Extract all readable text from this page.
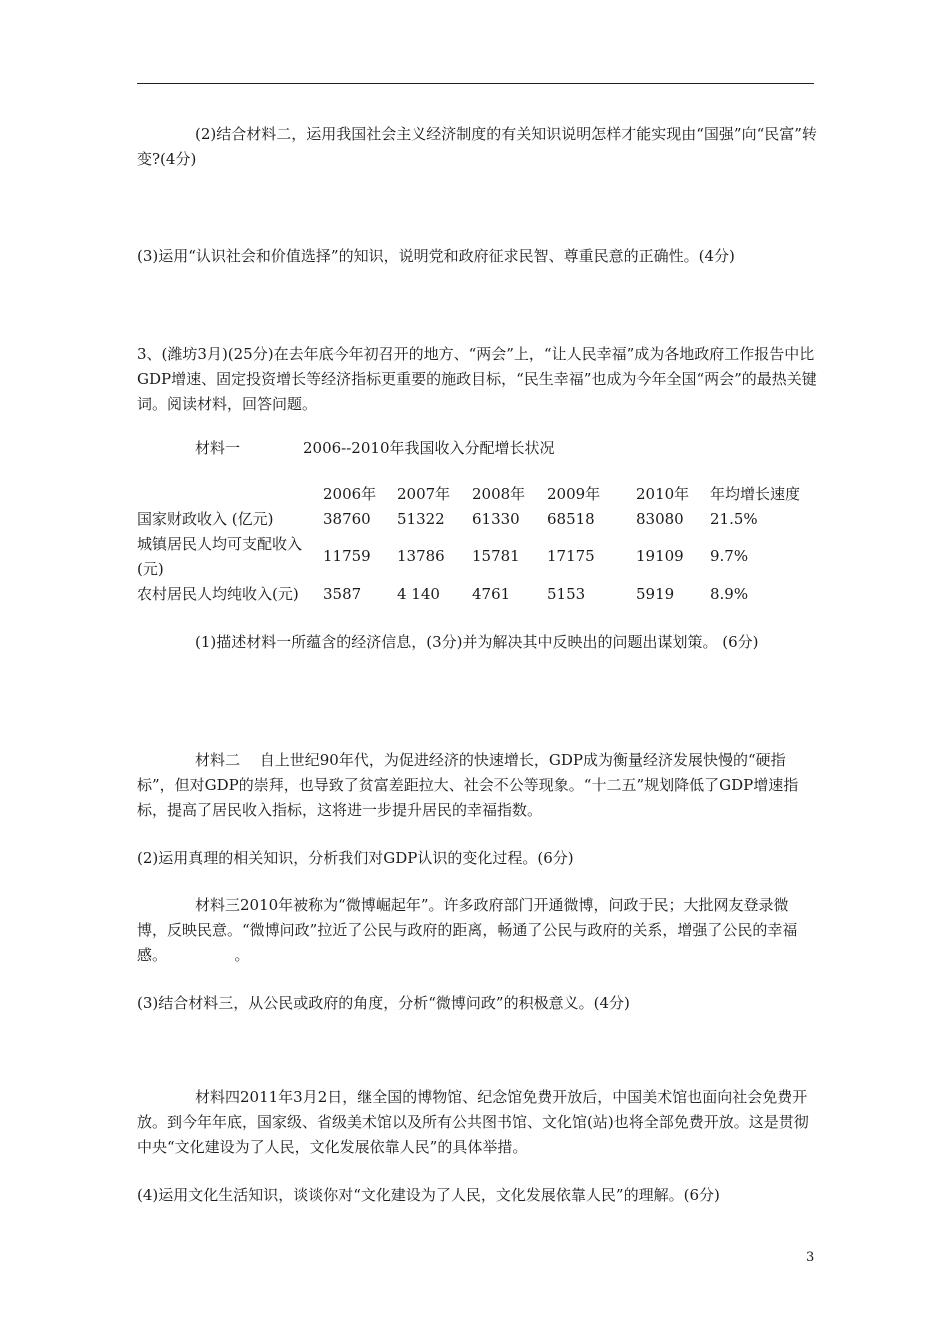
(2)结合材料二，运用我国社会主义经济制度的有关知识说明怎样才能实现由“国强”向“民富”转变?(4分)
(3)运用“认识社会和价值选择”的知识，说明党和政府征求民智、尊重民意的正确性。(4分)
3、(潍坊3月)(25分)在去年底今年初召开的地方、“两会”上，“让人民幸福”成为各地政府工作报告中比GDP增速、固定投资增长等经济指标更重要的施政目标，“民生幸福”也成为今年全国“两会”的最热关键词。阅读材料，回答问题。
材料一	2006--2010年我国收入分配增长状况
	2006年	2007年	2008年	2009年	2010年	年均增长速度
国家财政收入 (亿元)	38760	51322	61330	68518	83080	21.5%
城镇居民人均可支配收入(元)	11759	13786	15781	17175	19109	9.7%
农村居民人均纯收入(元)	3587	4 140	4761	5153	5919	8.9%
(1)描述材料一所蕴含的经济信息，(3分)并为解决其中反映出的问题出谋划策。 (6分)
材料二　 自上世纪90年代，为促进经济的快速增长，GDP成为衡量经济发展快慢的“硬指标”，但对GDP的崇拜，也导致了贫富差距拉大、社会不公等现象。“十二五”规划降低了GDP增速指标，提高了居民收入指标，这将进一步提升居民的幸福指数。
(2)运用真理的相关知识，分析我们对GDP认识的变化过程。(6分)
材料三2010年被称为“微博崛起年”。许多政府部门开通微博，问政于民；大批网友登录微博，反映民意。“微博问政”拉近了公民与政府的距离，畅通了公民与政府的关系，增强了公民的幸福感。　　　　　。
(3)结合材料三，从公民或政府的角度，分析“微博问政”的积极意义。(4分)
材料四2011年3月2日，继全国的博物馆、纪念馆免费开放后，中国美术馆也面向社会免费开放。到今年年底，国家级、省级美术馆以及所有公共图书馆、文化馆(站)也将全部免费开放。这是贯彻中央“文化建设为了人民，文化发展依靠人民”的具体举措。
(4)运用文化生活知识，谈谈你对“文化建设为了人民，文化发展依靠人民”的理解。(6分)
3
